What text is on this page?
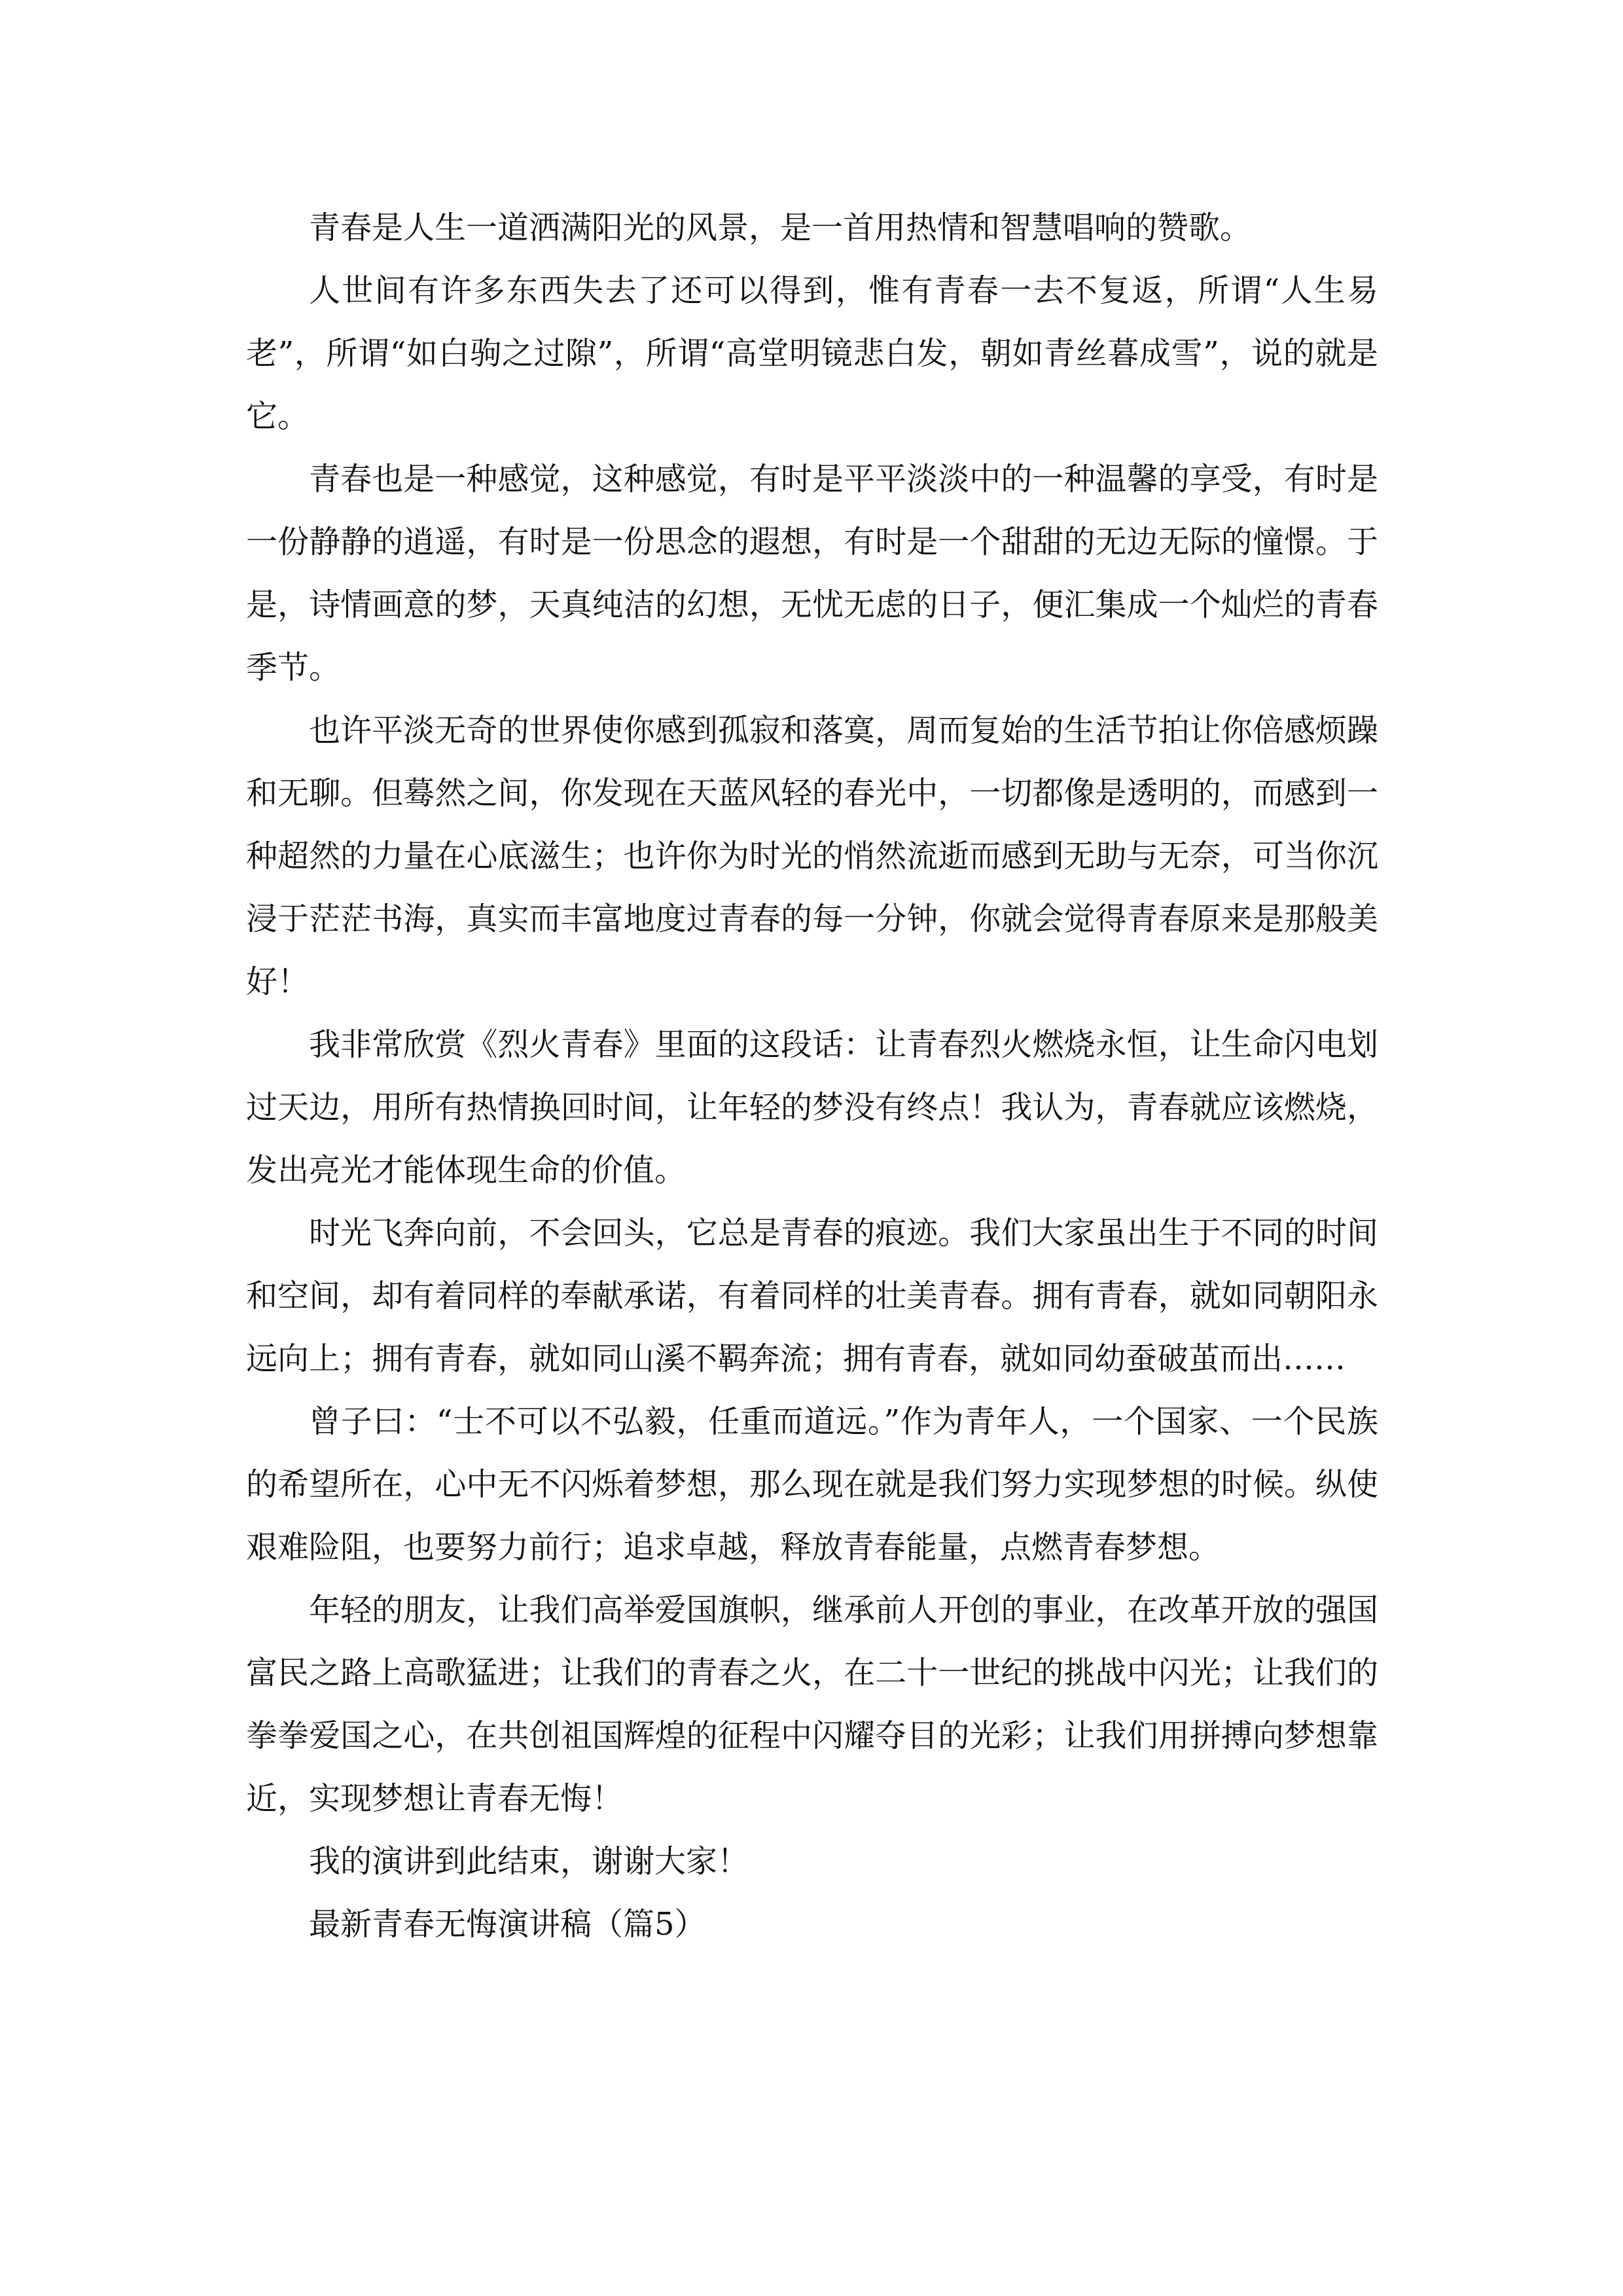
青春是人生一道洒满阳光的风景，是一首用热情和智慧唱响的赞歌。

人世间有许多东西失去了还可以得到，惟有青春一去不复返，所谓“人生易老”，所谓“如白驹之过隙”，所谓“高堂明镜悲白发，朝如青丝暮成雪”，说的就是它。

青春也是一种感觉，这种感觉，有时是平平淡淡中的一种温馨的享受，有时是一份静静的逍遥，有时是一份思念的遐想，有时是一个甜甜的无边无际的憧憬。于是，诗情画意的梦，天真纯洁的幻想，无忧无虑的日子，便汇集成一个灿烂的青春季节。

也许平淡无奇的世界使你感到孤寂和落寞，周而复始的生活节拍让你倍感烦躁和无聊。但蓦然之间，你发现在天蓝风轻的春光中，一切都像是透明的，而感到一种超然的力量在心底滋生；也许你为时光的悄然流逝而感到无助与无奈，可当你沉浸于茫茫书海，真实而丰富地度过青春的每一分钟，你就会觉得青春原来是那般美好！

我非常欣赏《烈火青春》里面的这段话：让青春烈火燃烧永恒，让生命闪电划过天边，用所有热情换回时间，让年轻的梦没有终点！我认为，青春就应该燃烧，发出亮光才能体现生命的价值。

时光飞奔向前，不会回头，它总是青春的痕迹。我们大家虽出生于不同的时间和空间，却有着同样的奉献承诺，有着同样的壮美青春。拥有青春，就如同朝阳永远向上；拥有青春，就如同山溪不羁奔流；拥有青春，就如同幼蚕破茧而出……

曾子曰：“士不可以不弘毅，任重而道远。”作为青年人，一个国家、一个民族的希望所在，心中无不闪烁着梦想，那么现在就是我们努力实现梦想的时候。纵使艰难险阻，也要努力前行；追求卓越，释放青春能量，点燃青春梦想。

年轻的朋友，让我们高举爱国旗帜，继承前人开创的事业，在改革开放的强国富民之路上高歌猛进；让我们的青春之火，在二十一世纪的挑战中闪光；让我们的拳拳爱国之心，在共创祖国辉煌的征程中闪耀夺目的光彩；让我们用拼搏向梦想靠近，实现梦想让青春无悔！

我的演讲到此结束，谢谢大家！

最新青春无悔演讲稿（篇5）
